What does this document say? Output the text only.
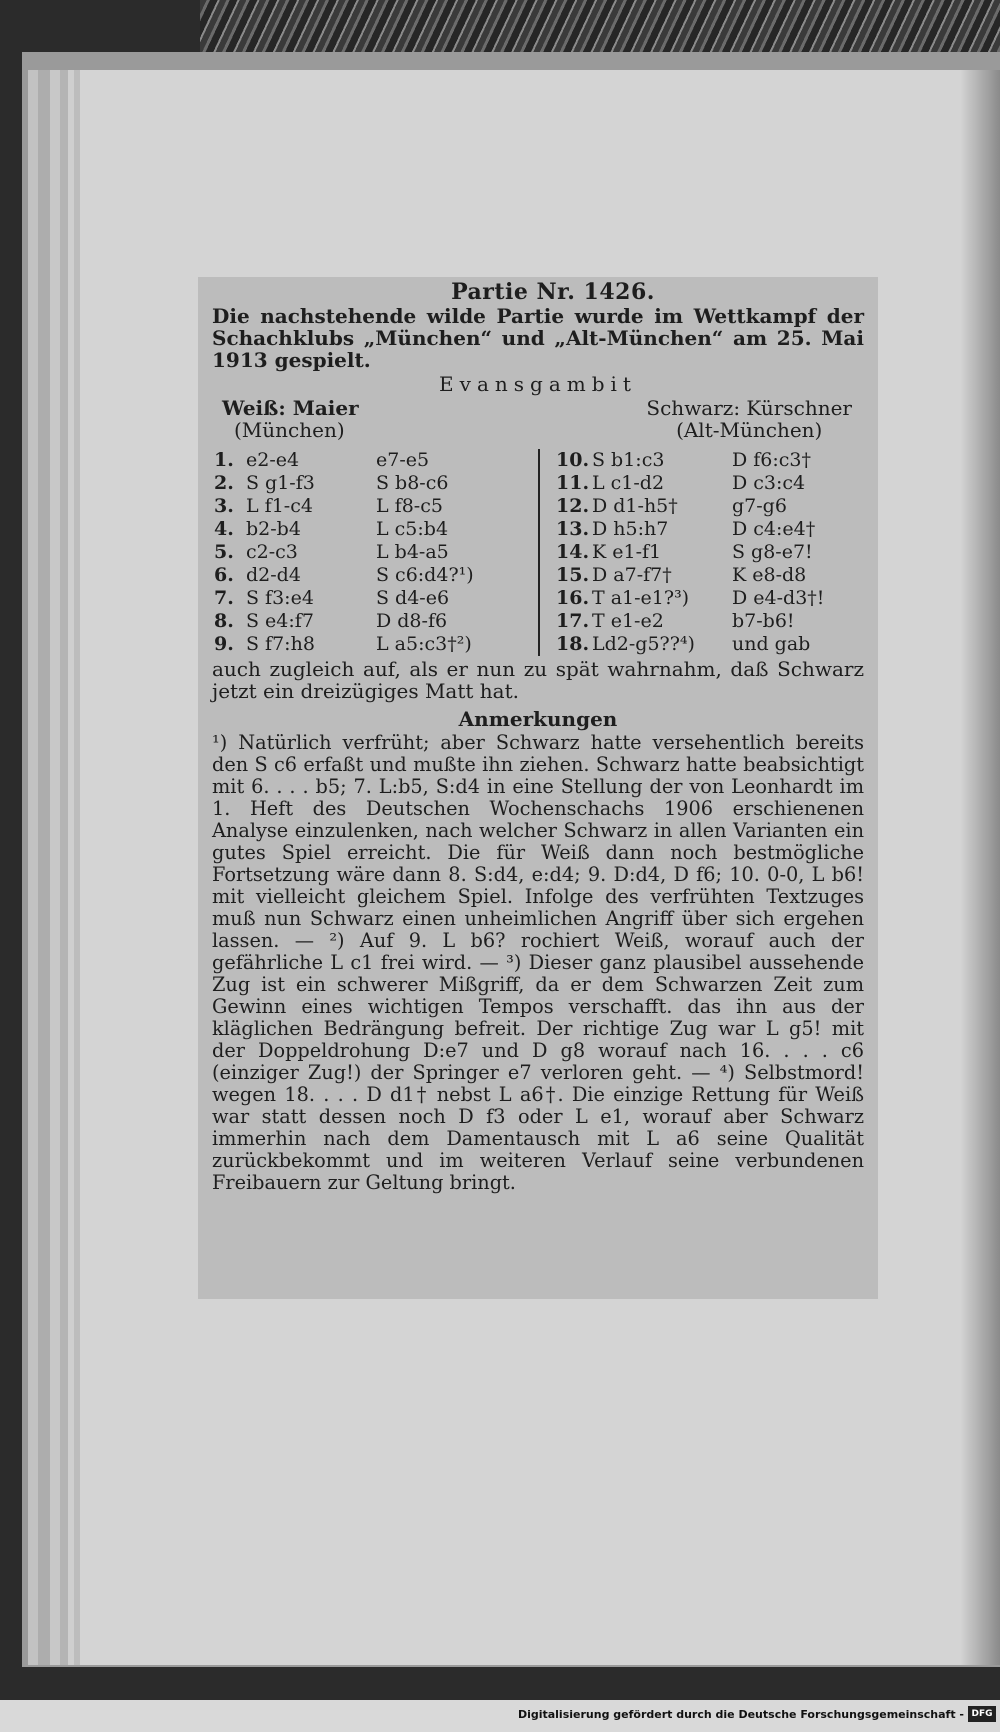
Partie Nr. 1426.

Die nachstehende wilde Partie wurde im Wettkampf der Schachklubs „München“ und „Alt-München“ am 25. Mai 1913 gespielt.

Evansgambit
Weiß: Maier
(München)
Schwarz: Kürschner
(Alt-München)
1. e2-e4	e7-e5
2. S g1-f3	S b8-c6
3. L f1-c4	L f8-c5
4. b2-b4	L c5:b4
5. c2-c3	L b4-a5
6. d2-d4	S c6:d4?¹)
7. S f3:e4	S d4-e6
8. S e4:f7	D d8-f6
9. S f7:h8	L a5:c3†²)
10. S b1:c3	D f6:c3†
11. L c1-d2	D c3:c4
12. D d1-h5†	g7-g6
13. D h5:h7	D c4:e4†
14. K e1-f1	S g8-e7!
15. D a7-f7†	K e8-d8
16. T a1-e1?³)	D e4-d3†!
17. T e1-e2	b7-b6!
18. Ld2-g5??⁴)	und gab

auch zugleich auf, als er nun zu spät wahrnahm, daß Schwarz jetzt ein dreizügiges Matt hat.

Anmerkungen

¹) Natürlich verfrüht; aber Schwarz hatte versehentlich bereits den S c6 erfaßt und mußte ihn ziehen. Schwarz hatte beabsichtigt mit 6. . . . b5; 7. L:b5, S:d4 in eine Stellung der von Leonhardt im 1. Heft des Deutschen Wochenschachs 1906 erschienenen Analyse einzulenken, nach welcher Schwarz in allen Varianten ein gutes Spiel erreicht. Die für Weiß dann noch bestmögliche Fortsetzung wäre dann 8. S:d4, e:d4; 9. D:d4, D f6; 10. 0-0, L b6! mit vielleicht gleichem Spiel. Infolge des verfrühten Textzuges muß nun Schwarz einen unheimlichen Angriff über sich ergehen lassen. — ²) Auf 9. L b6? rochiert Weiß, worauf auch der gefährliche L c1 frei wird. — ³) Dieser ganz plausibel aussehende Zug ist ein schwerer Mißgriff, da er dem Schwarzen Zeit zum Gewinn eines wichtigen Tempos verschafft. das ihn aus der kläglichen Bedrängung befreit. Der richtige Zug war L g5! mit der Doppeldrohung D:e7 und D g8 worauf nach 16. . . . c6 (einziger Zug!) der Springer e7 verloren geht. — ⁴) Selbstmord! wegen 18. . . . D d1† nebst L a6†. Die einzige Rettung für Weiß war statt dessen noch D f3 oder L e1, worauf aber Schwarz immerhin nach dem Damentausch mit L a6 seine Qualität zurückbekommt und im weiteren Verlauf seine verbundenen Freibauern zur Geltung bringt.

Digitalisierung gefördert durch die Deutsche Forschungsgemeinschaft - DFG
